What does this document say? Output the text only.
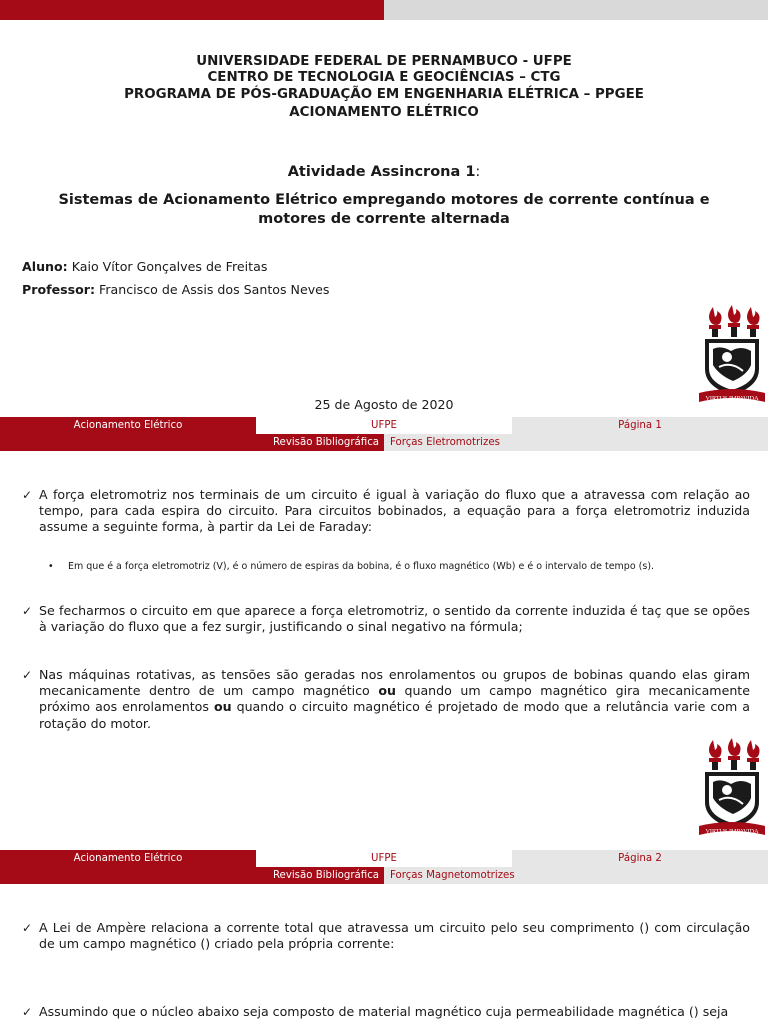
UNIVERSIDADE FEDERAL DE PERNAMBUCO - UFPE
CENTRO DE TECNOLOGIA E GEOCIÊNCIAS – CTG
PROGRAMA DE PÓS-GRADUAÇÃO EM ENGENHARIA ELÉTRICA – PPGEE
ACIONAMENTO ELÉTRICO
Atividade Assincrona 1:
Sistemas de Acionamento Elétrico empregando motores de corrente contínua e motores de corrente alternada
Aluno: Kaio Vítor Gonçalves de Freitas
Professor: Francisco de Assis dos Santos Neves
VIRTUS IMPAVIDA
25 de Agosto de 2020
Acionamento Elétrico	UFPE	Página 1
Revisão Bibliográfica	Forças Eletromotrizes
✓ A força eletromotriz nos terminais de um circuito é igual à variação do fluxo que a atravessa com relação ao tempo, para cada espira do circuito. Para circuitos bobinados, a equação para a força eletromotriz induzida assume a seguinte forma, à partir da Lei de Faraday:
• Em que é a força eletromotriz (V), é o número de espiras da bobina, é o fluxo magnético (Wb) e é o intervalo de tempo (s).
✓ Se fecharmos o circuito em que aparece a força eletromotriz, o sentido da corrente induzida é taç que se opões à variação do fluxo que a fez surgir, justificando o sinal negativo na fórmula;
✓ Nas máquinas rotativas, as tensões são geradas nos enrolamentos ou grupos de bobinas quando elas giram mecanicamente dentro de um campo magnético ou quando um campo magnético gira mecanicamente próximo aos enrolamentos ou quando o circuito magnético é projetado de modo que a relutância varie com a rotação do motor.
VIRTUS IMPAVIDA
Acionamento Elétrico	UFPE	Página 2
Revisão Bibliográfica	Forças Magnetomotrizes
✓ A Lei de Ampère relaciona a corrente total que atravessa um circuito pelo seu comprimento () com circulação de um campo magnético () criado pela própria corrente:
✓ Assumindo que o núcleo abaixo seja composto de material magnético cuja permeabilidade magnética () seja
